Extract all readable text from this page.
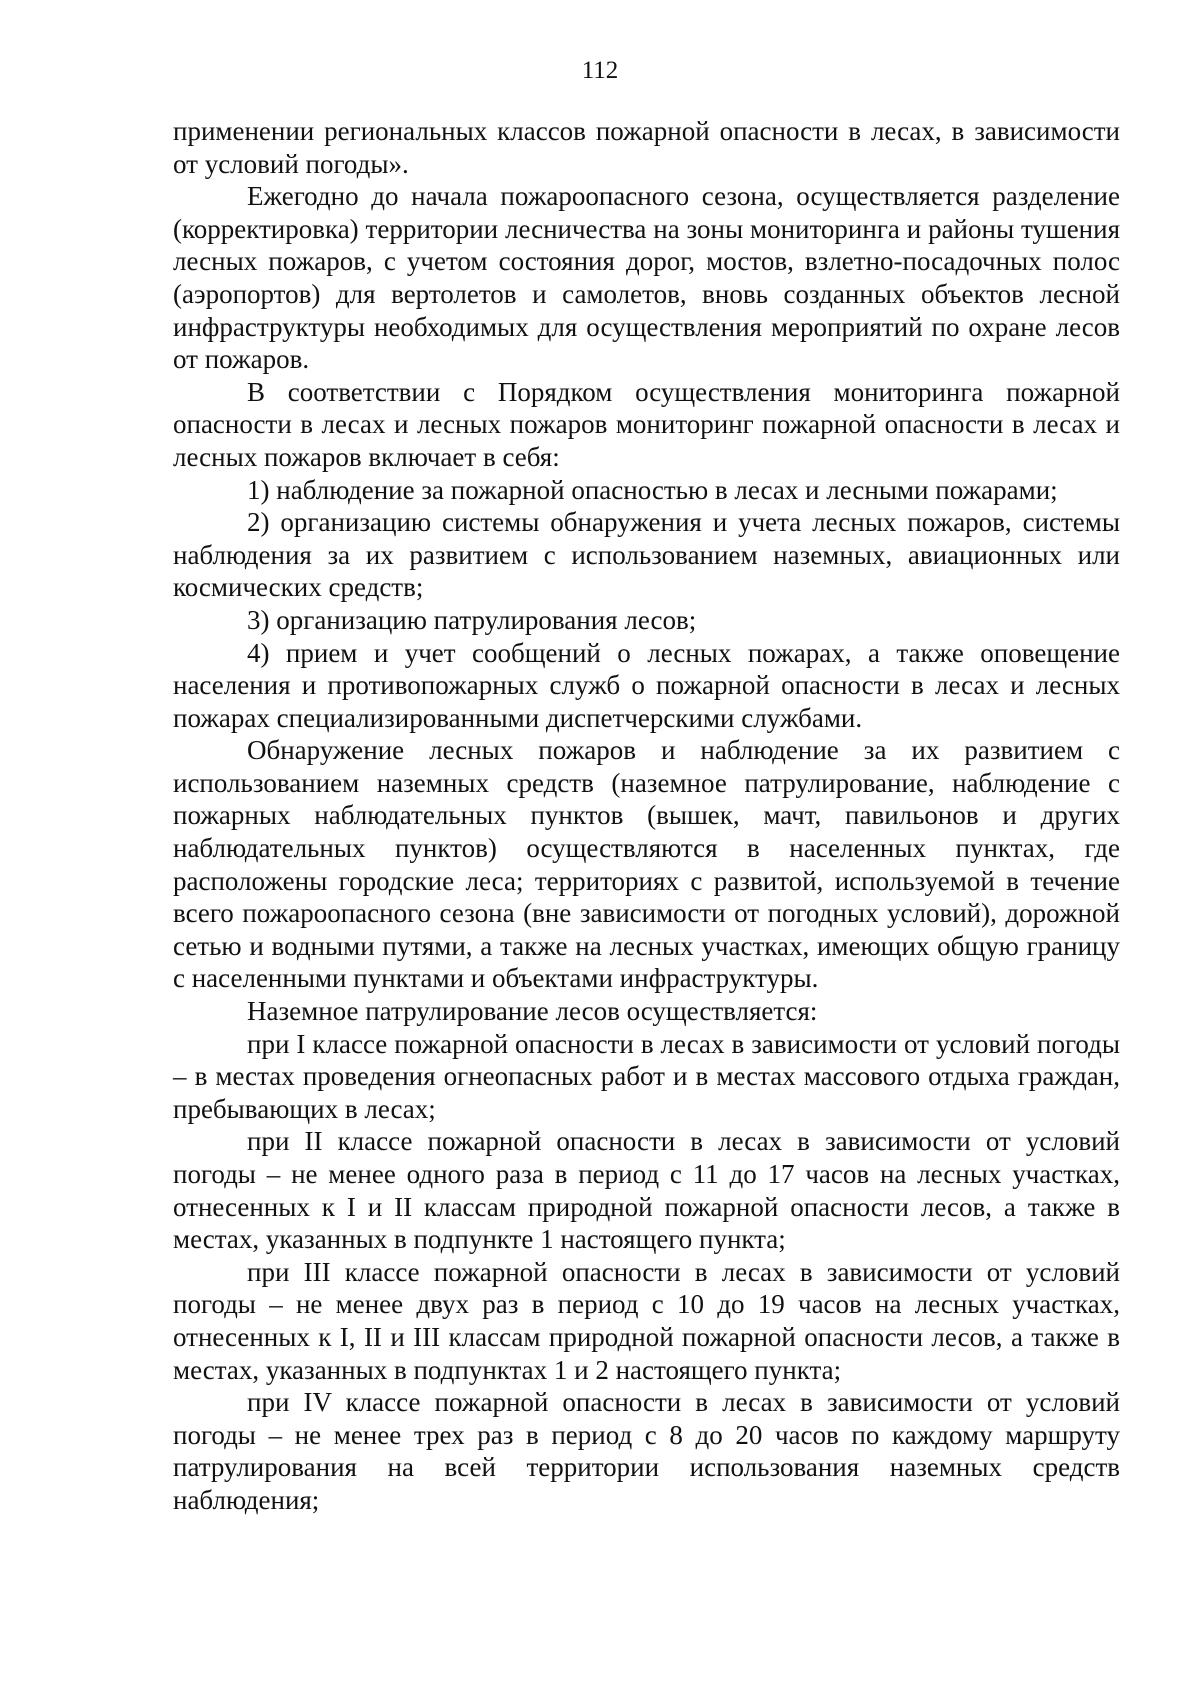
112

применении региональных классов пожарной опасности в лесах, в зависимости от условий погоды».

Ежегодно до начала пожароопасного сезона, осуществляется разделение (корректировка) территории лесничества на зоны мониторинга и районы тушения лесных пожаров, с учетом состояния дорог, мостов, взлетно-посадочных полос (аэропортов) для вертолетов и самолетов, вновь созданных объектов лесной инфраструктуры необходимых для осуществления мероприятий по охране лесов от пожаров.

В соответствии с Порядком осуществления мониторинга пожарной опасности в лесах и лесных пожаров мониторинг пожарной опасности в лесах и лесных пожаров включает в себя:

1) наблюдение за пожарной опасностью в лесах и лесными пожарами;

2) организацию системы обнаружения и учета лесных пожаров, системы наблюдения за их развитием с использованием наземных, авиационных или космических средств;

3) организацию патрулирования лесов;

4) прием и учет сообщений о лесных пожарах, а также оповещение населения и противопожарных служб о пожарной опасности в лесах и лесных пожарах специализированными диспетчерскими службами.

Обнаружение лесных пожаров и наблюдение за их развитием с использованием наземных средств (наземное патрулирование, наблюдение с пожарных наблюдательных пунктов (вышек, мачт, павильонов и других наблюдательных пунктов) осуществляются в населенных пунктах, где расположены городские леса; территориях с развитой, используемой в течение всего пожароопасного сезона (вне зависимости от погодных условий), дорожной сетью и водными путями, а также на лесных участках, имеющих общую границу с населенными пунктами и объектами инфраструктуры.

Наземное патрулирование лесов осуществляется:

при I классе пожарной опасности в лесах в зависимости от условий погоды – в местах проведения огнеопасных работ и в местах массового отдыха граждан, пребывающих в лесах;

при II классе пожарной опасности в лесах в зависимости от условий погоды – не менее одного раза в период с 11 до 17 часов на лесных участках, отнесенных к I и II классам природной пожарной опасности лесов, а также в местах, указанных в подпункте 1 настоящего пункта;

при III классе пожарной опасности в лесах в зависимости от условий погоды – не менее двух раз в период с 10 до 19 часов на лесных участках, отнесенных к I, II и III классам природной пожарной опасности лесов, а также в местах, указанных в подпунктах 1 и 2 настоящего пункта;

при IV классе пожарной опасности в лесах в зависимости от условий погоды – не менее трех раз в период с 8 до 20 часов по каждому маршруту патрулирования на всей территории использования наземных средств наблюдения;
